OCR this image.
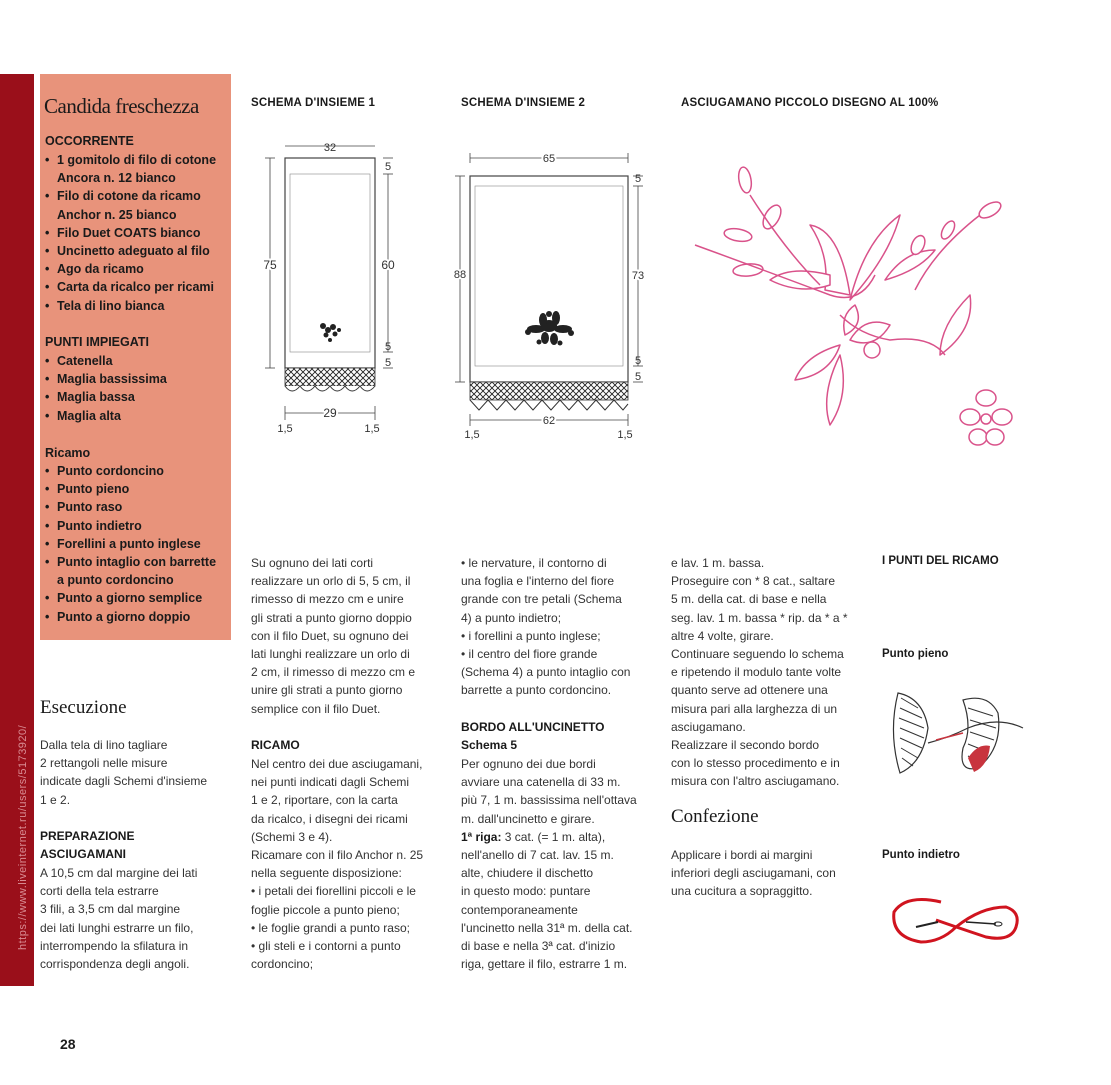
https://www.liveinternet.ru/users/5173920/
Candida freschezza
OCCORRENTE
• 1 gomitolo di filo di cotone
Ancora n. 12 bianco
• Filo di cotone da ricamo
Anchor n. 25 bianco
• Filo Duet COATS bianco
• Uncinetto adeguato al filo
• Ago da ricamo
• Carta da ricalco per ricami
• Tela di lino bianca
PUNTI IMPIEGATI
• Catenella
• Maglia bassissima
• Maglia bassa
• Maglia alta
Ricamo
• Punto cordoncino
• Punto pieno
• Punto raso
• Punto indietro
• Forellini a punto inglese
• Punto intaglio con barrette
a punto cordoncino
• Punto a giorno semplice
• Punto a giorno doppio
SCHEMA D'INSIEME 1	SCHEMA D'INSIEME 2	ASCIUGAMANO PICCOLO DISEGNO AL 100%
32
75	60
5
5
5
29
1,5	1,5
65
88	73
5
5
5
62
1,5	1,5
Esecuzione
Dalla tela di lino tagliare
2 rettangoli nelle misure
indicate dagli Schemi d'insieme
1 e 2.
PREPARAZIONE
ASCIUGAMANI
A 10,5 cm dal margine dei lati
corti della tela estrarre
3 fili, a 3,5 cm dal margine
dei lati lunghi estrarre un filo,
interrompendo la sfilatura in
corrispondenza degli angoli.
Su ognuno dei lati corti
realizzare un orlo di 5, 5 cm, il
rimesso di mezzo cm e unire
gli strati a punto giorno doppio
con il filo Duet, su ognuno dei
lati lunghi realizzare un orlo di
2 cm, il rimesso di mezzo cm e
unire gli strati a punto giorno
semplice con il filo Duet.
RICAMO
Nel centro dei due asciugamani,
nei punti indicati dagli Schemi
1 e 2, riportare, con la carta
da ricalco, i disegni dei ricami
(Schemi 3 e 4).
Ricamare con il filo Anchor n. 25
nella seguente disposizione:
• i petali dei fiorellini piccoli e le
foglie piccole a punto pieno;
• le foglie grandi a punto raso;
• gli steli e i contorni a punto
cordoncino;
• le nervature, il contorno di
una foglia e l'interno del fiore
grande con tre petali (Schema
4) a punto indietro;
• i forellini a punto inglese;
• il centro del fiore grande
(Schema 4) a punto intaglio con
barrette a punto cordoncino.
BORDO ALL'UNCINETTO
Schema 5
Per ognuno dei due bordi
avviare una catenella di 33 m.
più 7, 1 m. bassissima nell'ottava
m. dall'uncinetto e girare.
1ª riga: 3 cat. (= 1 m. alta),
nell'anello di 7 cat. lav. 15 m.
alte, chiudere il dischetto
in questo modo: puntare
contemporaneamente
l'uncinetto nella 31ª m. della cat.
di base e nella 3ª cat. d'inizio
riga, gettare il filo, estrarre 1 m.
e lav. 1 m. bassa.
Proseguire con * 8 cat., saltare
5 m. della cat. di base e nella
seg. lav. 1 m. bassa * rip. da * a *
altre 4 volte, girare.
Continuare seguendo lo schema
e ripetendo il modulo tante volte
quanto serve ad ottenere una
misura pari alla larghezza di un
asciugamano.
Realizzare il secondo bordo
con lo stesso procedimento e in
misura con l'altro asciugamano.
Confezione
Applicare i bordi ai margini
inferiori degli asciugamani, con
una cucitura a sopraggitto.
I PUNTI DEL RICAMO
Punto pieno
Punto indietro
28
